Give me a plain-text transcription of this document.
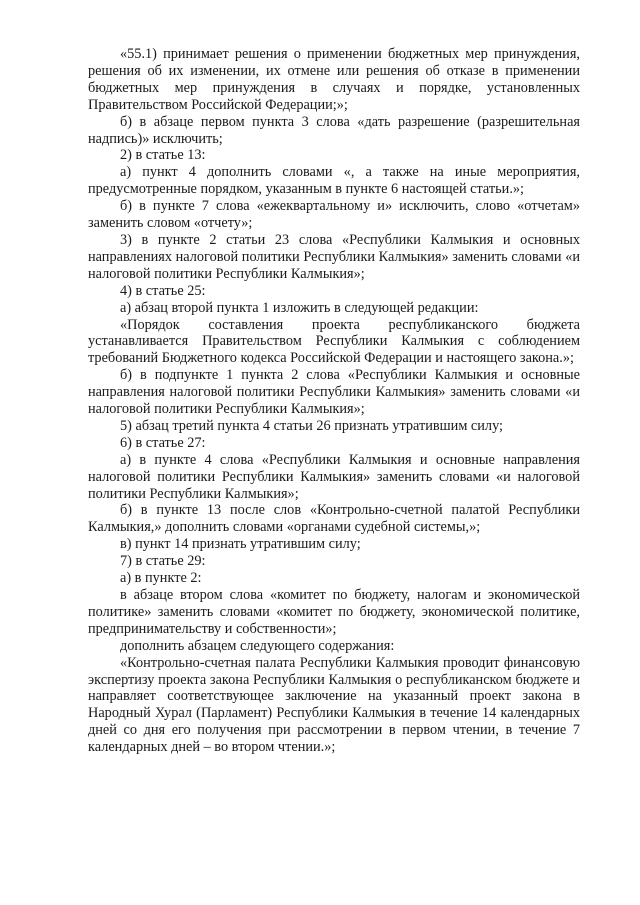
«55.1) принимает решения о применении бюджетных мер принуждения, решения об их изменении, их отмене или решения об отказе в применении бюджетных мер принуждения в случаях и порядке, установленных Правительством Российской Федерации;»;

б) в абзаце первом пункта 3 слова «дать разрешение (разрешительная надпись)» исключить;

2) в статье 13:

а) пункт 4 дополнить словами «, а также на иные мероприятия, предусмотренные порядком, указанным в пункте 6 настоящей статьи.»;

б) в пункте 7 слова «ежеквартальному и» исключить, слово «отчетам» заменить словом «отчету»;

3) в пункте 2 статьи 23 слова «Республики Калмыкия и основных направлениях налоговой политики Республики Калмыкия» заменить словами «и налоговой политики Республики Калмыкия»;

4) в статье 25:

а) абзац второй пункта 1 изложить в следующей редакции:

«Порядок составления проекта республиканского бюджета устанавливается Правительством Республики Калмыкия с соблюдением требований Бюджетного кодекса Российской Федерации и настоящего закона.»;

б) в подпункте 1 пункта 2 слова «Республики Калмыкия и основные направления налоговой политики Республики Калмыкия» заменить словами «и налоговой политики Республики Калмыкия»;

5) абзац третий пункта 4 статьи 26 признать утратившим силу;

6) в статье 27:

а) в пункте 4 слова «Республики Калмыкия и основные направления налоговой политики Республики Калмыкия» заменить словами «и налоговой политики Республики Калмыкия»;

б) в пункте 13 после слов «Контрольно-счетной палатой Республики Калмыкия,» дополнить словами «органами судебной системы,»;

в) пункт 14 признать утратившим силу;

7) в статье 29:

а) в пункте 2:

в абзаце втором слова «комитет по бюджету, налогам и экономической политике» заменить словами «комитет по бюджету, экономической политике, предпринимательству и собственности»;

дополнить абзацем следующего содержания:

«Контрольно-счетная палата Республики Калмыкия проводит финансовую экспертизу проекта закона Республики Калмыкия о республиканском бюджете и направляет соответствующее заключение на указанный проект закона в Народный Хурал (Парламент) Республики Калмыкия в течение 14 календарных дней со дня его получения при рассмотрении в первом чтении, в течение 7 календарных дней – во втором чтении.»;
